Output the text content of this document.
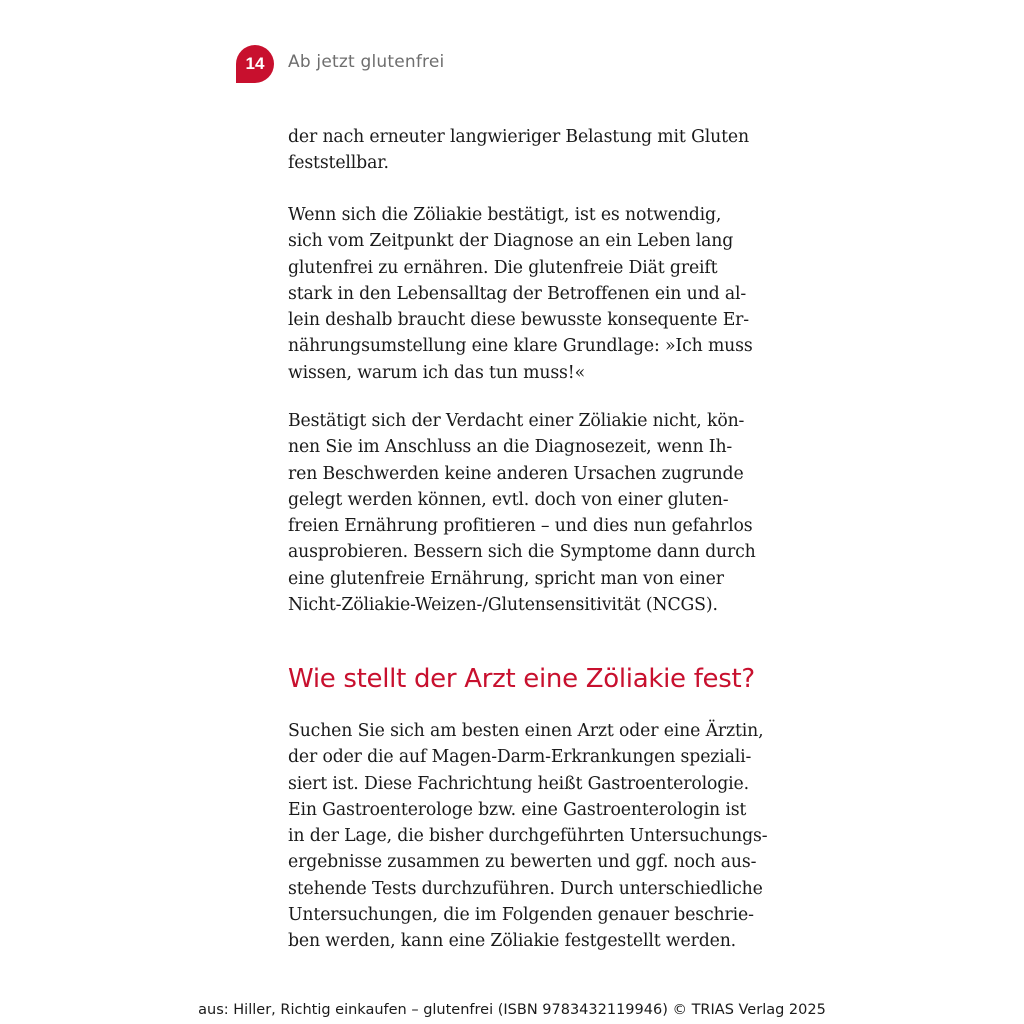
14 Ab jetzt glutenfrei
der nach erneuter langwieriger Belastung mit Gluten
feststellbar.
Wenn sich die Zöliakie bestätigt, ist es notwendig,
sich vom Zeitpunkt der Diagnose an ein Leben lang
glutenfrei zu ernähren. Die glutenfreie Diät greift
stark in den Lebensalltag der Betroffenen ein und al-
lein deshalb braucht diese bewusste konsequente Er-
nährungsumstellung eine klare Grundlage: »Ich muss
wissen, warum ich das tun muss!«
Bestätigt sich der Verdacht einer Zöliakie nicht, kön-
nen Sie im Anschluss an die Diagnosezeit, wenn Ih-
ren Beschwerden keine anderen Ursachen zugrunde
gelegt werden können, evtl. doch von einer gluten-
freien Ernährung profitieren – und dies nun gefahrlos
ausprobieren. Bessern sich die Symptome dann durch
eine glutenfreie Ernährung, spricht man von einer
Nicht-Zöliakie-Weizen-/Glutensensitivität (NCGS).
Wie stellt der Arzt eine Zöliakie fest?
Suchen Sie sich am besten einen Arzt oder eine Ärztin,
der oder die auf Magen-Darm-Erkrankungen speziali-
siert ist. Diese Fachrichtung heißt Gastroenterologie.
Ein Gastroenterologe bzw. eine Gastroenterologin ist
in der Lage, die bisher durchgeführten Untersuchungs-
ergebnisse zusammen zu bewerten und ggf. noch aus-
stehende Tests durchzuführen. Durch unterschiedliche
Untersuchungen, die im Folgenden genauer beschrie-
ben werden, kann eine Zöliakie festgestellt werden.
aus: Hiller, Richtig einkaufen – glutenfrei (ISBN 9783432119946) © TRIAS Verlag 2025
